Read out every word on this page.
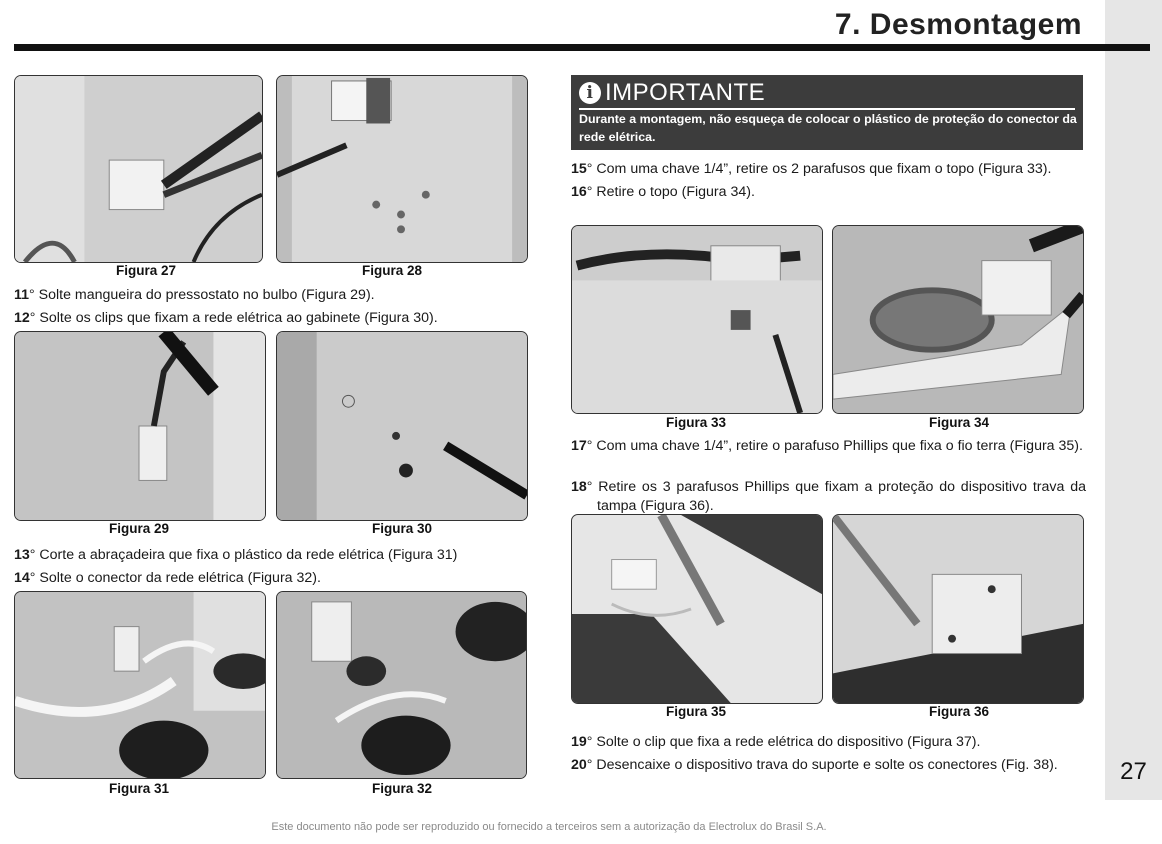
27
7. Desmontagem
Figura 27	Figura 28
11° Solte mangueira do pressostato no bulbo (Figura 29).
12° Solte os clips que fixam a rede elétrica ao gabinete (Figura 30).
Figura 29	Figura 30
13° Corte a abraçadeira que fixa o plástico da rede elétrica (Figura 31)
14° Solte o conector da rede elétrica (Figura 32).
Figura 31	Figura 32
i IMPORTANTE
Durante a montagem, não esqueça de colocar o plástico de proteção do conector da rede elétrica.
15° Com uma chave 1/4”, retire os 2 parafusos que fixam o topo (Figura 33).
16° Retire o topo (Figura 34).
Figura 33	Figura 34
17° Com uma chave 1/4”, retire o parafuso Phillips que fixa o fio terra (Figura 35).
18° Retire os 3 parafusos Phillips que fixam a proteção do dispositivo trava da tampa (Figura 36).
Figura 35	Figura 36
19° Solte o clip que fixa a rede elétrica do dispositivo (Figura 37).
20° Desencaixe o dispositivo trava do suporte e solte os conectores (Fig. 38).
Este documento não pode ser reproduzido ou fornecido a terceiros sem a autorização da Electrolux do Brasil S.A.
